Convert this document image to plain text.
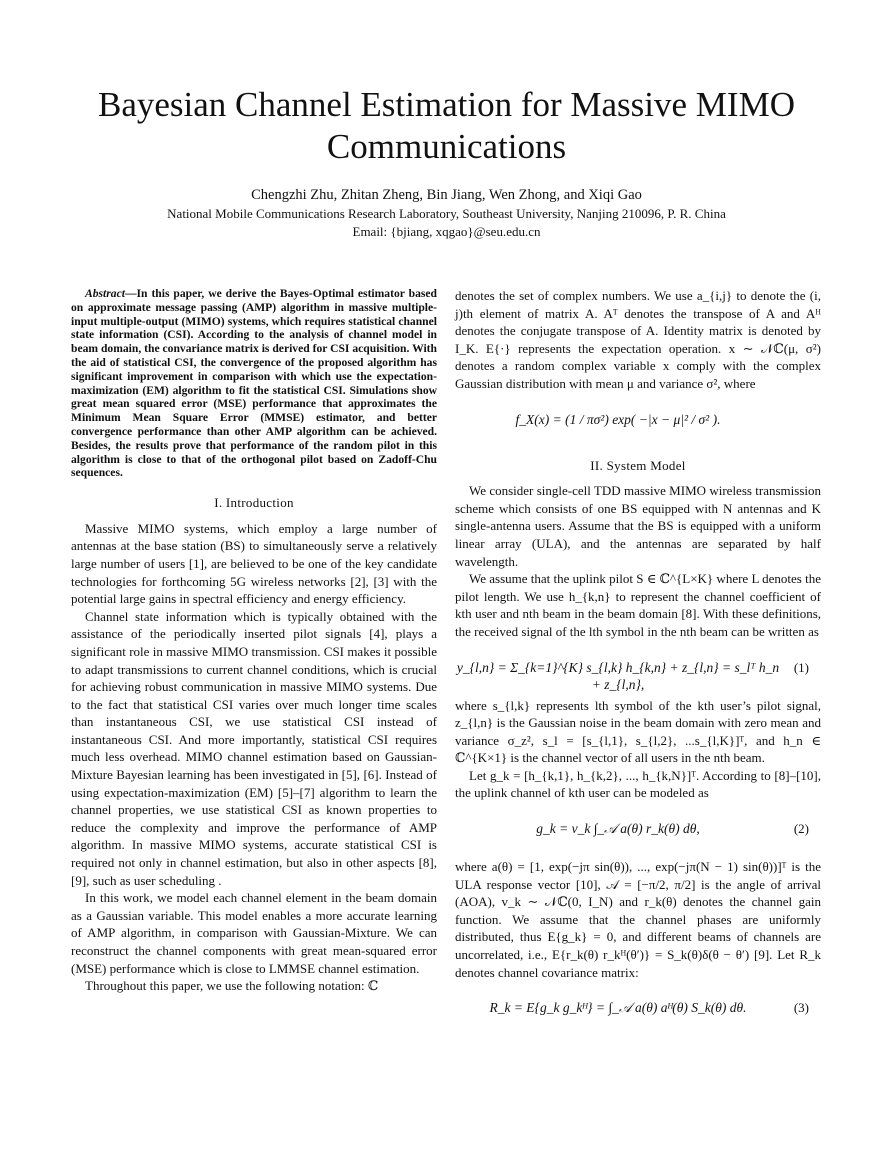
Bayesian Channel Estimation for Massive MIMO
Communications
Chengzhi Zhu, Zhitan Zheng, Bin Jiang, Wen Zhong, and Xiqi Gao
National Mobile Communications Research Laboratory, Southeast University, Nanjing 210096, P. R. China
Email: {bjiang, xqgao}@seu.edu.cn

Abstract—In this paper, we derive the Bayes-Optimal estimator based on approximate message passing (AMP) algorithm in massive multiple-input multiple-output (MIMO) systems, which requires statistical channel state information (CSI). According to the analysis of channel model in beam domain, the convariance matrix is derived for CSI acquisition. With the aid of statistical CSI, the convergence of the proposed algorithm has significant improvement in comparison with which use the expectation-maximization (EM) algorithm to fit the statistical CSI. Simulations show great mean squared error (MSE) performance that approximates the Minimum Mean Square Error (MMSE) estimator, and better convergence performance than other AMP algorithm can be achieved. Besides, the results prove that performance of the random pilot in this algorithm is close to that of the orthogonal pilot based on Zadoff-Chu sequences.

I. Introduction

Massive MIMO systems, which employ a large number of antennas at the base station (BS) to simultaneously serve a relatively large number of users [1], are believed to be one of the key candidate technologies for forthcoming 5G wireless networks [2], [3] with the potential large gains in spectral efficiency and energy efficiency.

Channel state information which is typically obtained with the assistance of the periodically inserted pilot signals [4], plays a significant role in massive MIMO transmission. CSI makes it possible to adapt transmissions to current channel conditions, which is crucial for achieving robust communication in massive MIMO systems. Due to the fact that statistical CSI varies over much longer time scales than instantaneous CSI, we use statistical CSI instead of instantaneous CSI. And more importantly, statistical CSI requires much less overhead. MIMO channel estimation based on Gaussian-Mixture Bayesian learning has been investigated in [5], [6]. Instead of using expectation-maximization (EM) [5]–[7] algorithm to learn the channel properties, we use statistical CSI as known properties to reduce the complexity and improve the performance of AMP algorithm. In massive MIMO systems, accurate statistical CSI is required not only in channel estimation, but also in other aspects [8], [9], such as user scheduling .

In this work, we model each channel element in the beam domain as a Gaussian variable. This model enables a more accurate learning of AMP algorithm, in comparison with Gaussian-Mixture. We can reconstruct the channel components with great mean-squared error (MSE) performance which is close to LMMSE channel estimation.

Throughout this paper, we use the following notation: ℂ

denotes the set of complex numbers. We use a_{i,j} to denote the (i, j)th element of matrix A. Aᵀ denotes the transpose of A and Aᴴ denotes the conjugate transpose of A. Identity matrix is denoted by I_K. E{·} represents the expectation operation. x ∼ 𝒩ℂ(μ, σ²) denotes a random complex variable x comply with the complex Gaussian distribution with mean μ and variance σ², where

f_X(x) = (1 / πσ²) exp( −|x − μ|² / σ² ).
II. System Model

We consider single-cell TDD massive MIMO wireless transmission scheme which consists of one BS equipped with N antennas and K single-antenna users. Assume that the BS is equipped with a uniform linear array (ULA), and the antennas are separated by half wavelength.

We assume that the uplink pilot S ∈ ℂ^{L×K} where L denotes the pilot length. We use h_{k,n} to represent the channel coefficient of kth user and nth beam in the beam domain [8]. With these definitions, the received signal of the lth symbol in the nth beam can be written as

y_{l,n} = Σ_{k=1}^{K} s_{l,k} h_{k,n} + z_{l,n} = s_lᵀ h_n + z_{l,n},
(1)

where s_{l,k} represents lth symbol of the kth user’s pilot signal, z_{l,n} is the Gaussian noise in the beam domain with zero mean and variance σ_z², s_l = [s_{l,1}, s_{l,2}, ...s_{l,K}]ᵀ, and h_n ∈ ℂ^{K×1} is the channel vector of all users in the nth beam.

Let g_k = [h_{k,1}, h_{k,2}, ..., h_{k,N}]ᵀ. According to [8]–[10], the uplink channel of kth user can be modeled as

g_k = v_k ∫_𝒜 a(θ) r_k(θ) dθ,	(2)

where a(θ) = [1, exp(−jπ sin(θ)), ..., exp(−jπ(N − 1) sin(θ))]ᵀ is the ULA response vector [10], 𝒜 = [−π/2, π/2] is the angle of arrival (AOA), v_k ∼ 𝒩ℂ(0, I_N) and r_k(θ) denotes the channel gain function. We assume that the channel phases are uniformly distributed, thus E{g_k} = 0, and different beams of channels are uncorrelated, i.e., E{r_k(θ) r_kᴴ(θ′)} = S_k(θ)δ(θ − θ′) [9]. Let R_k denotes channel covariance matrix:

R_k = E{g_k g_kᴴ} = ∫_𝒜 a(θ) aᴴ(θ) S_k(θ) dθ.	(3)
